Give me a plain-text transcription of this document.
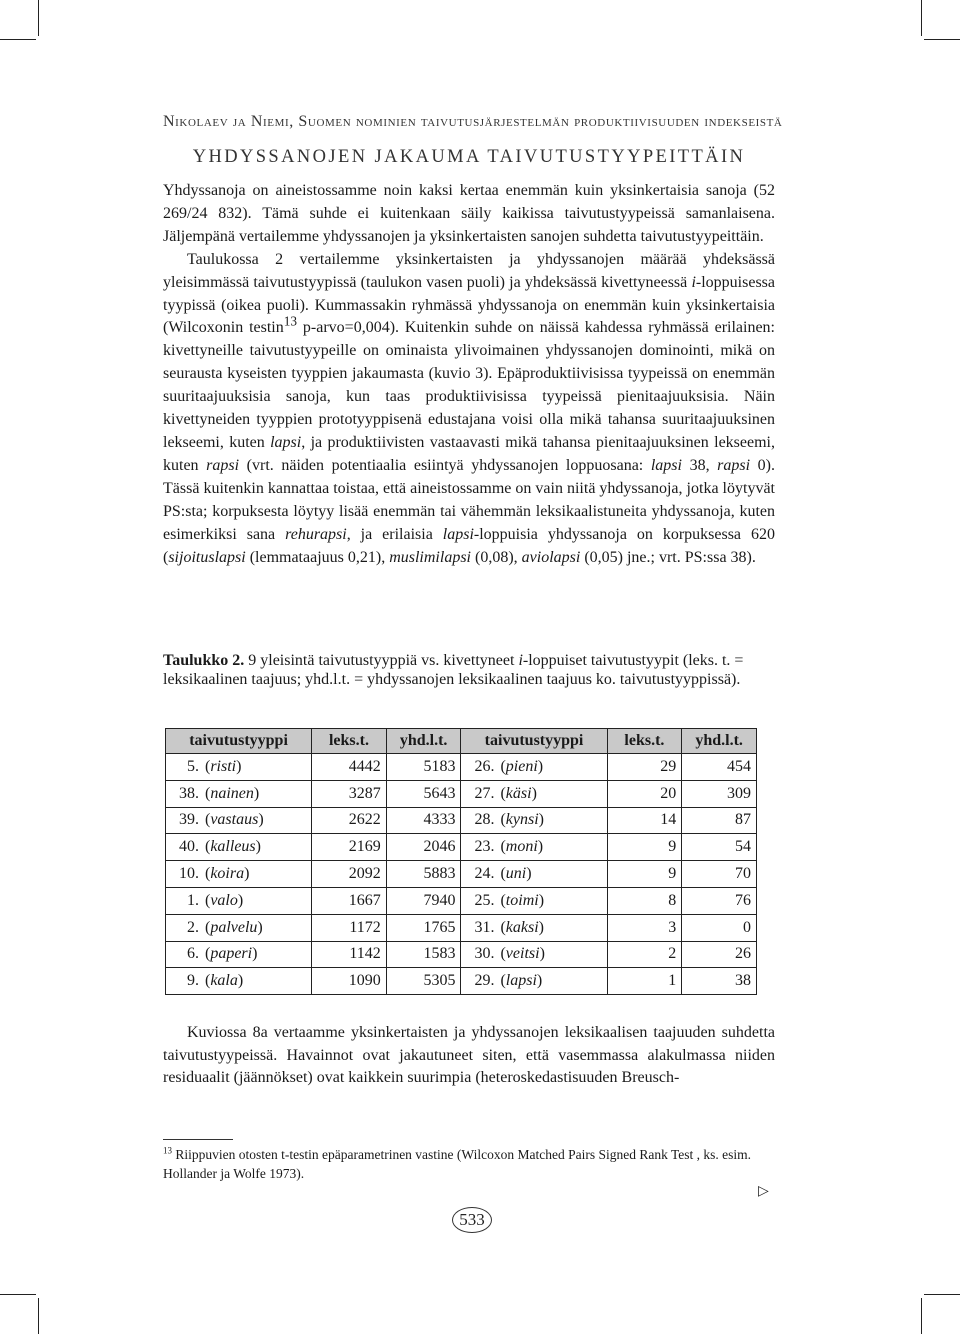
Nikolaev ja Niemi, Suomen nominien taivutusjärjestelmän produktiivisuuden indekseistä
YHDYSSANOJEN JAKAUMA TAIVUTUSTYYPEITTÄIN

Yhdyssanoja on aineistossamme noin kaksi kertaa enemmän kuin yksinkertaisia sanoja (52 269/24 832). Tämä suhde ei kuitenkaan säily kaikissa taivutustyypeissä samanlaisena. Jäljempänä vertailemme yhdyssanojen ja yksinkertaisten sanojen suhdetta taivutustyypeittäin.

Taulukossa 2 vertailemme yksinkertaisten ja yhdyssanojen määrää yhdeksässä yleisimmässä taivutustyypissä (taulukon vasen puoli) ja yhdeksässä kivettyneessä i-loppuisessa tyypissä (oikea puoli). Kummassakin ryhmässä yhdyssanoja on enemmän kuin yksinkertaisia (Wilcoxonin testin$^{13}$ p-arvo=0,004). Kuitenkin suhde on näissä kahdessa ryhmässä erilainen: kivettyneille taivutustyypeille on ominaista ylivoimainen yhdyssanojen dominointi, mikä on seurausta kyseisten tyyppien jakaumasta (kuvio 3). Epäproduktiivisissa tyypeissä on enemmän suuritaajuuksisia sanoja, kun taas produktiivisissa tyypeissä pienitaajuuksisia. Näin kivettyneiden tyyppien prototyyppisenä edustajana voisi olla mikä tahansa suuritaajuuksinen lekseemi, kuten lapsi, ja produktiivisten vastaavasti mikä tahansa pienitaajuuksinen lekseemi, kuten rapsi (vrt. näiden potentiaalia esiintyä yhdyssanojen loppuosana: lapsi 38, rapsi 0). Tässä kuitenkin kannattaa toistaa, että aineistossamme on vain niitä yhdyssanoja, jotka löytyvät PS:sta; korpuksesta löytyy lisää enemmän tai vähemmän leksikaalistuneita yhdyssanoja, kuten esimerkiksi sana rehurapsi, ja erilaisia lapsi-loppuisia yhdyssanoja on korpuksessa 620 (sijoituslapsi (lemmataajuus 0,21), muslimilapsi (0,08), aviolapsi (0,05) jne.; vrt. PS:ssa 38).

Taulukko 2. 9 yleisintä taivutustyyppiä vs. kivettyneet i-loppuiset taivutustyypit (leks. t. = leksikaalinen taajuus; yhd.l.t. = yhdyssanojen leksikaalinen taajuus ko. taivutustyyppissä).
taivutustyyppi	leks.t.	yhd.l.t.	taivutustyyppi	leks.t.	yhd.l.t.
5. (risti)	4442	5183	26. (pieni)	29	454
38. (nainen)	3287	5643	27. (käsi)	20	309
39. (vastaus)	2622	4333	28. (kynsi)	14	87
40. (kalleus)	2169	2046	23. (moni)	9	54
10. (koira)	2092	5883	24. (uni)	9	70
1. (valo)	1667	7940	25. (toimi)	8	76
2. (palvelu)	1172	1765	31. (kaksi)	3	0
6. (paperi)	1142	1583	30. (veitsi)	2	26
9. (kala)	1090	5305	29. (lapsi)	1	38

Kuviossa 8a vertaamme yksinkertaisten ja yhdyssanojen leksikaalisen taajuuden suhdetta taivutustyypeissä. Havainnot ovat jakautuneet siten, että vasemmassa alakulmassa niiden residuaalit (jäännökset) ovat kaikkein suurimpia (heteroskedastisuuden Breusch-

$^{13}$ Riippuvien otosten t-testin epäparametrinen vastine (Wilcoxon Matched Pairs Signed Rank Test , ks. esim. Hollander ja Wolfe 1973).
▷
533
